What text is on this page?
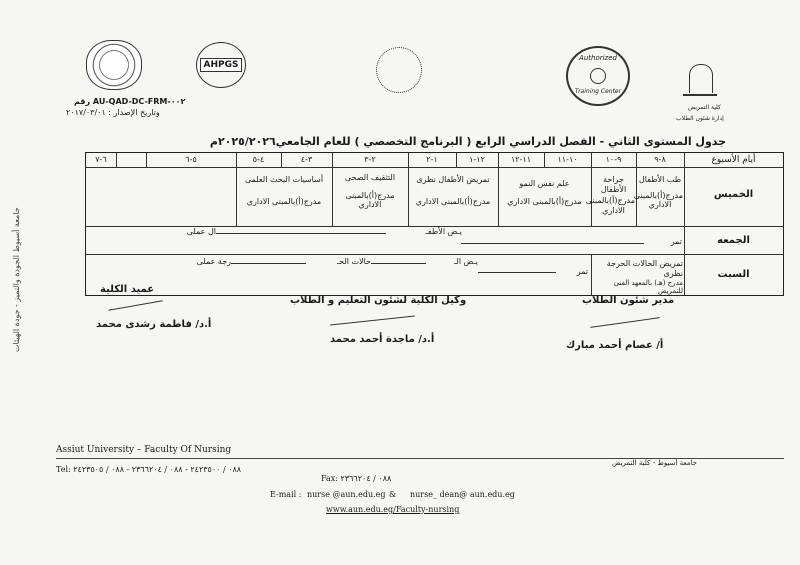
رقم AU-QAD-DC-FRM-٠٠٢
وتاريخ الإصدار : ٢٠١٧/٠٣/٠١
AHPGS
Authorized
Training Center
كلية التمريض
إدارة شئون الطلاب
جدول المستوى الثاني - الفصل الدراسي الرابع ( البرنامج التخصصي ) للعام الجامعي٢٠٢٥/٢٠٢٦م
أيام الأسبوع
٨-٩
٩-١٠
١٠-١١
١١-١٢
١٢-١
١-٢
٢-٣
٣-٤
٤-٥
٥-٦
٦-٧
الخميس
الجمعه
السبت
طب الأطفال
مدرج(أ)بالمبنى الاداري
جراحة الأطفال
مدرج(أ)بالمبنى الاداري
علم نفس النمو
مدرج(أ)بالمبنى الاداري
تمريض الأطفال نظرى
مدرج(أ)بالمبنى الاداري
التثقيف الصحى
مدرج(أ)بالمبنى الاداري
أساسيات البحث العلمى
مدرج(أ)بالمبنى الاداري
تمر
يـض الأطفـ
ال عملى
تمريض الحالات الحرجة نظرى
مدرج (هـ) بالمعهد الفنى للتمريض
تمر
يـض الـ
حالات الحـ
رجة عملى
مدير شئون الطلاب
أ/ عصام أحمد مبارك
وكيل الكلية لشئون التعليم و الطلاب
أ.د/ ماجدة أحمد محمد
عميد الكلية
أ.د/ فاطمة رشدى محمد
جامعة أسيوط الجودة والتميز - جودة الهيئات
Assiut University – Faculty Of Nursing
جامعة أسيوط - كلية التمريض
Tel: ٠٨٨ / ٢٤٢٣٥٠٠ - ٠٨٨ / ٢٣٦٦٢٠٤ - ٠٨٨ / ٢٤٢٣٥٠٥
Fax: ٠٨٨ / ٢٣٦٦٢٠٤
E-mail : nurse @aun.edu.eg & nurse_ dean@ aun.edu.eg
www.aun.edu.eg/Faculty-nursing
